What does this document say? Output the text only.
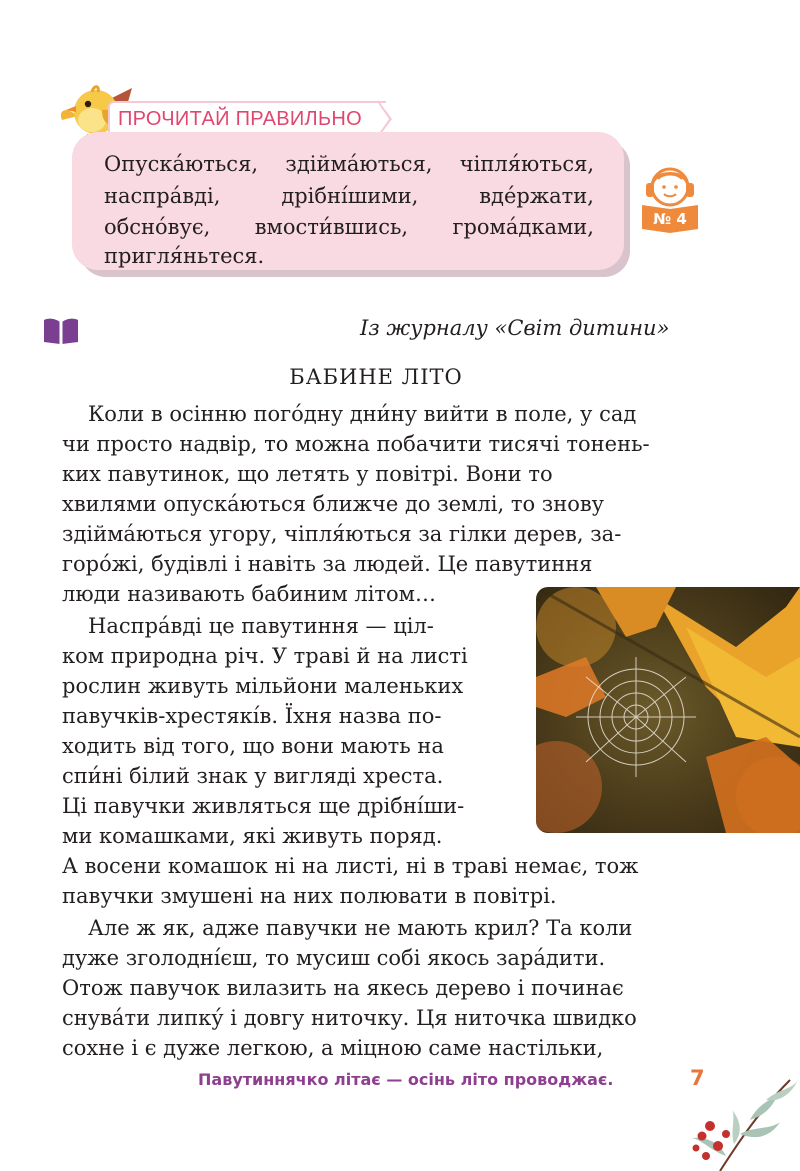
ПРОЧИТАЙ ПРАВИЛЬНО
Опуска́ються, здійма́ються, чіпля́ються,
наспра́вді,	дрібні́шими,	вде́ржати,
обсно́вує, вмости́вшись, грома́дками,
пригля́ньтеся.
№ 4
Із журналу «Світ дитини»
БАБИНЕ ЛІТО
Коли в осінню пого́дну дни́ну вийти в поле, у сад
чи просто надвір, то можна побачити тисячі тонень-
ких павутинок, що летять у повітрі. Вони то
хвилями опуска́ються ближче до землі, то знову
здійма́ються угору, чіпля́ються за гілки дерев, за-
горо́жі, будівлі і навіть за людей. Це павутиння
люди називають бабиним літом…
Наспра́вді це павутиння — ціл-
ком природна річ. У траві й на листі
рослин живуть мільйони маленьких
павучків-хрестякі́в. Їхня назва по-
ходить від того, що вони мають на
спи́ні білий знак у вигляді хреста.
Ці павучки живляться ще дрібні́ши-
ми комашками, які живуть поряд.
А восени комашок ні на листі, ні в траві немає, тож
павучки змушені на них полювати в повітрі.
Але ж як, адже павучки не мають крил? Та коли
дуже зголодні́єш, то мусиш собі якось зара́дити.
Отож павучок вилазить на якесь дерево і починає
снува́ти липку́ і довгу ниточку. Ця ниточка швидко
сохне і є дуже легкою, а міцною саме настільки,
Павутиннячко літає — осінь літо проводжає.	7
